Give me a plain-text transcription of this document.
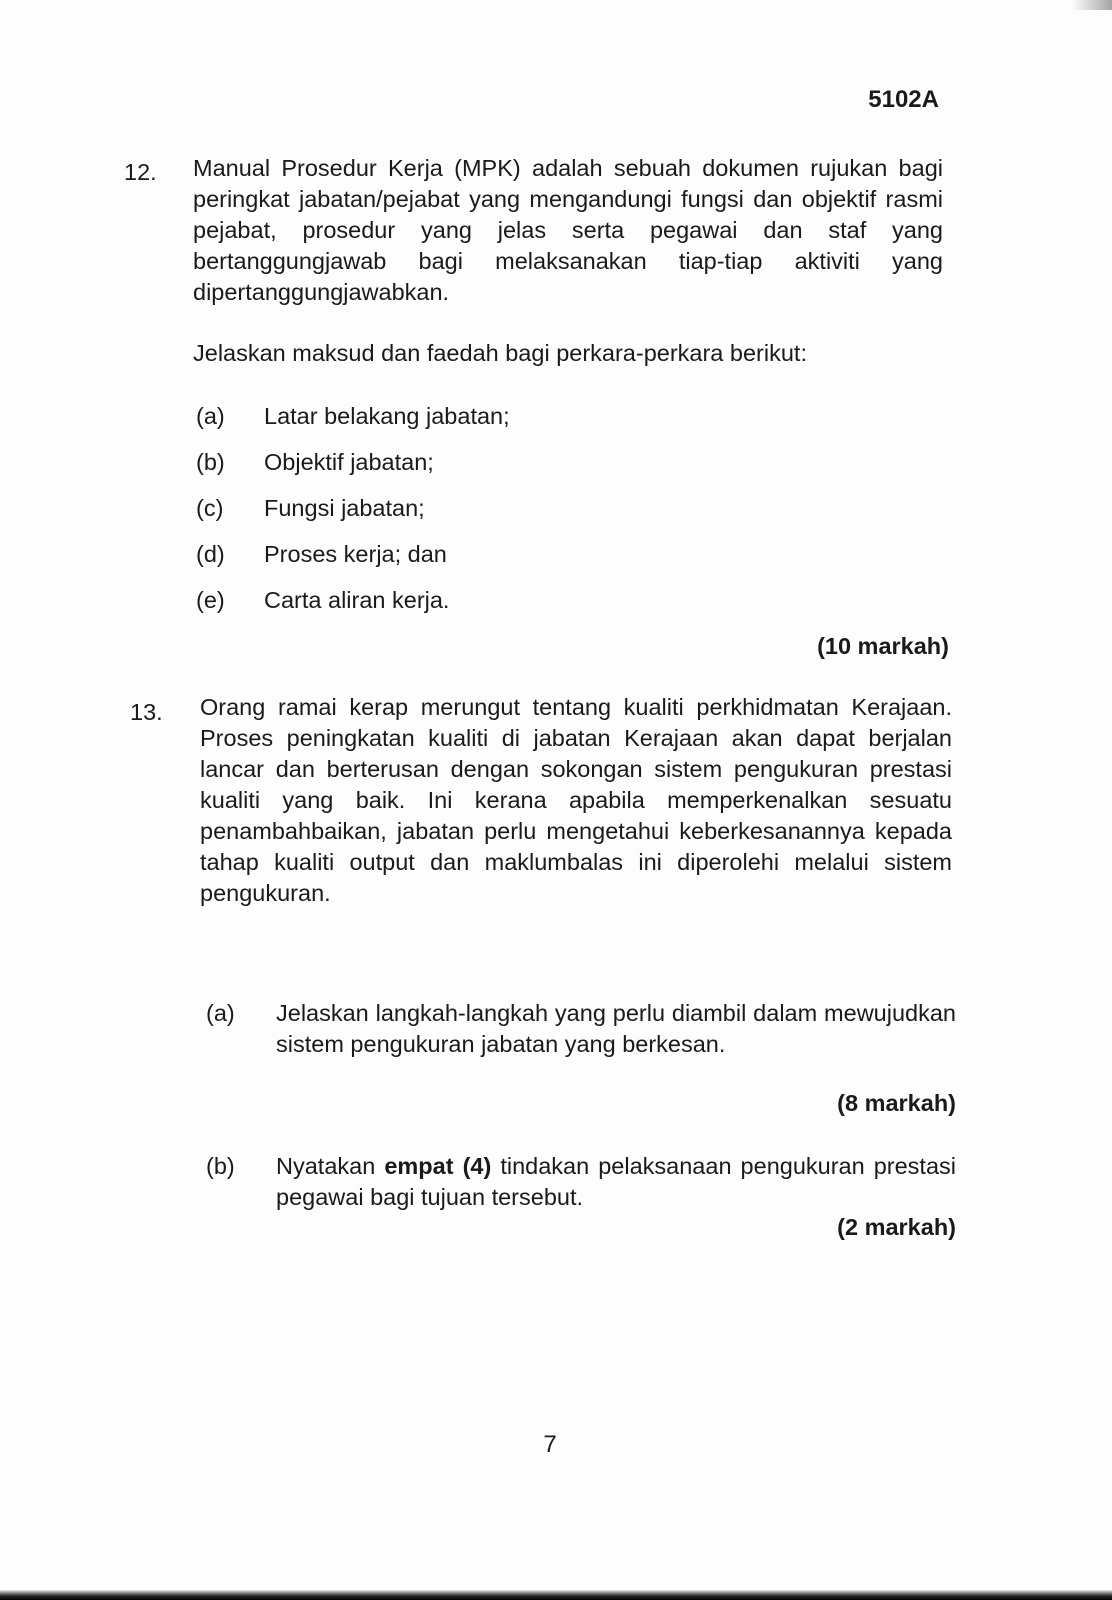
5102A
12. Manual Prosedur Kerja (MPK) adalah sebuah dokumen rujukan bagi peringkat jabatan/pejabat yang mengandungi fungsi dan objektif rasmi pejabat, prosedur yang jelas serta pegawai dan staf yang bertanggungjawab bagi melaksanakan tiap-tiap aktiviti yang dipertanggungjawabkan.
Jelaskan maksud dan faedah bagi perkara-perkara berikut:
(a)	Latar belakang jabatan;
(b)	Objektif jabatan;
(c)	Fungsi jabatan;
(d)	Proses kerja; dan
(e)	Carta aliran kerja.
(10 markah)
13. Orang ramai kerap merungut tentang kualiti perkhidmatan Kerajaan. Proses peningkatan kualiti di jabatan Kerajaan akan dapat berjalan lancar dan berterusan dengan sokongan sistem pengukuran prestasi kualiti yang baik. Ini kerana apabila memperkenalkan sesuatu penambahbaikan, jabatan perlu mengetahui keberkesanannya kepada tahap kualiti output dan maklumbalas ini diperolehi melalui sistem pengukuran.
(a)	Jelaskan langkah-langkah yang perlu diambil dalam mewujudkan sistem pengukuran jabatan yang berkesan.
(8 markah)
(b)	Nyatakan empat (4) tindakan pelaksanaan pengukuran prestasi pegawai bagi tujuan tersebut.
(2 markah)
7
